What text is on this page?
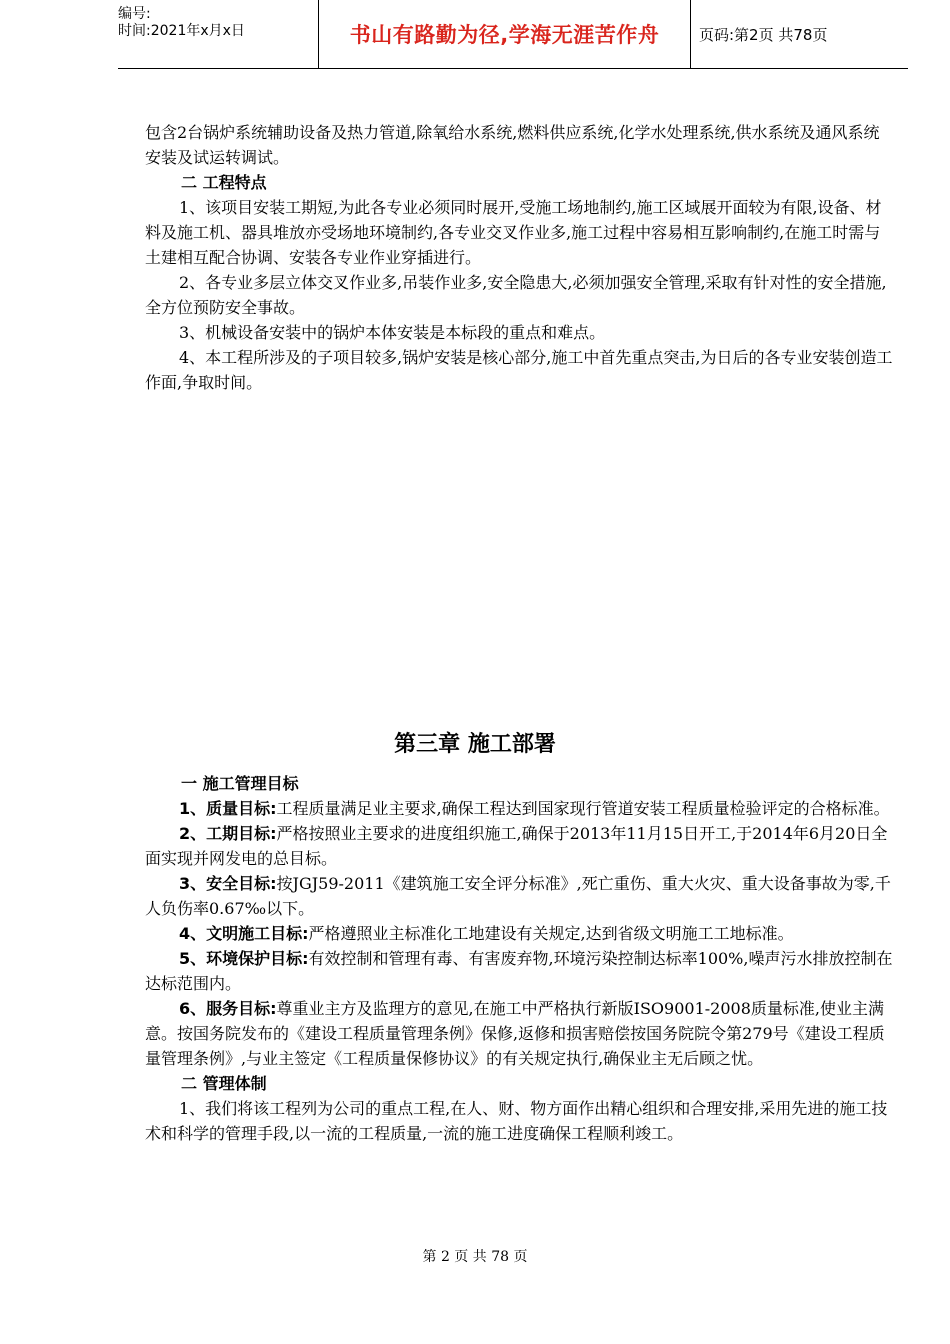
编号:
时间:2021年x月x日	书山有路勤为径,学海无涯苦作舟	页码:第2页 共78页

包含2台锅炉系统辅助设备及热力管道,除氧给水系统,燃料供应系统,化学水处理系统,供水系统及通风系统安装及试运转调试。

二 工程特点

1、该项目安装工期短,为此各专业必须同时展开,受施工场地制约,施工区域展开面较为有限,设备、材料及施工机、器具堆放亦受场地环境制约,各专业交叉作业多,施工过程中容易相互影响制约,在施工时需与土建相互配合协调、安装各专业作业穿插进行。

2、各专业多层立体交叉作业多,吊装作业多,安全隐患大,必须加强安全管理,采取有针对性的安全措施,全方位预防安全事故。

3、机械设备安装中的锅炉本体安装是本标段的重点和难点。

4、本工程所涉及的子项目较多,锅炉安装是核心部分,施工中首先重点突击,为日后的各专业安装创造工作面,争取时间。

第三章 施工部署

一 施工管理目标

1、质量目标:工程质量满足业主要求,确保工程达到国家现行管道安装工程质量检验评定的合格标准。

2、工期目标:严格按照业主要求的进度组织施工,确保于2013年11月15日开工,于2014年6月20日全面实现并网发电的总目标。

3、安全目标:按JGJ59-2011《建筑施工安全评分标准》,死亡重伤、重大火灾、重大设备事故为零,千人负伤率0.67‰以下。

4、文明施工目标:严格遵照业主标准化工地建设有关规定,达到省级文明施工工地标准。

5、环境保护目标:有效控制和管理有毒、有害废弃物,环境污染控制达标率100%,噪声污水排放控制在达标范围内。

6、服务目标:尊重业主方及监理方的意见,在施工中严格执行新版ISO9001-2008质量标准,使业主满意。按国务院发布的《建设工程质量管理条例》保修,返修和损害赔偿按国务院院令第279号《建设工程质量管理条例》,与业主签定《工程质量保修协议》的有关规定执行,确保业主无后顾之忧。

二 管理体制

1、我们将该工程列为公司的重点工程,在人、财、物方面作出精心组织和合理安排,采用先进的施工技术和科学的管理手段,以一流的工程质量,一流的施工进度确保工程顺利竣工。

第 2 页 共 78 页
